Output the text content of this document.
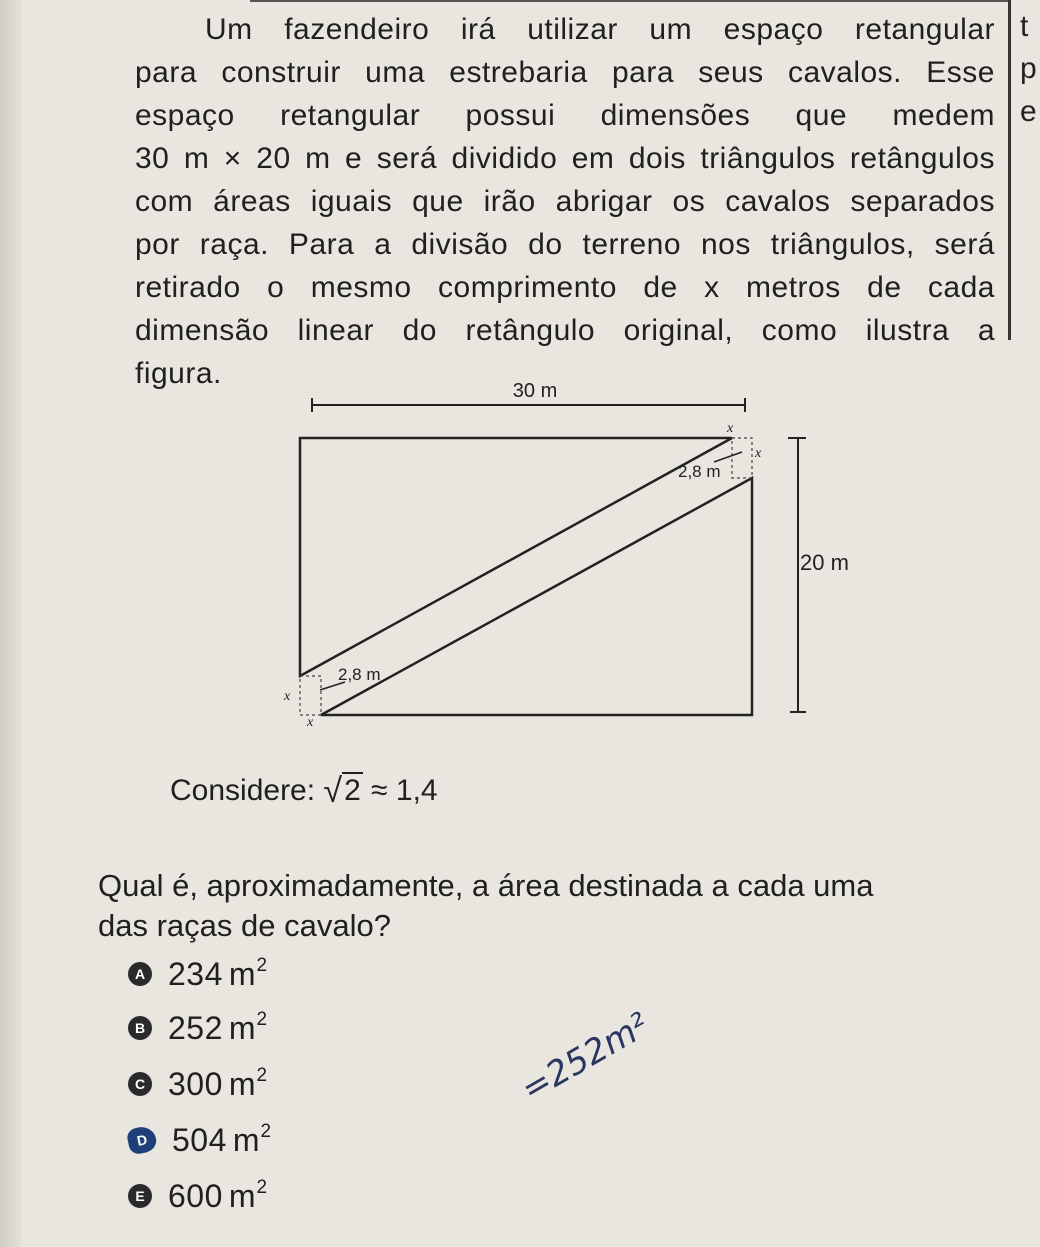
t
p
e
Um fazendeiro irá utilizar um espaço retangular
para construir uma estrebaria para seus cavalos. Esse
espaço retangular possui dimensões que medem
30 m × 20 m e será dividido em dois triângulos retângulos
com áreas iguais que irão abrigar os cavalos separados
por raça. Para a divisão do terreno nos triângulos, será
retirado o mesmo comprimento de x metros de cada
dimensão linear do retângulo original, como ilustra a
figura.
30 m
20 m
2,8 m
2,8 m
x
x
x
x
Considere: √2 ≈ 1,4
Qual é, aproximadamente, a área destinada a cada uma
das raças de cavalo?
A 234 $m^2$
B 252 $m^2$
C 300 $m^2$
D 504 $m^2$
E 600 $m^2$
=252m²
